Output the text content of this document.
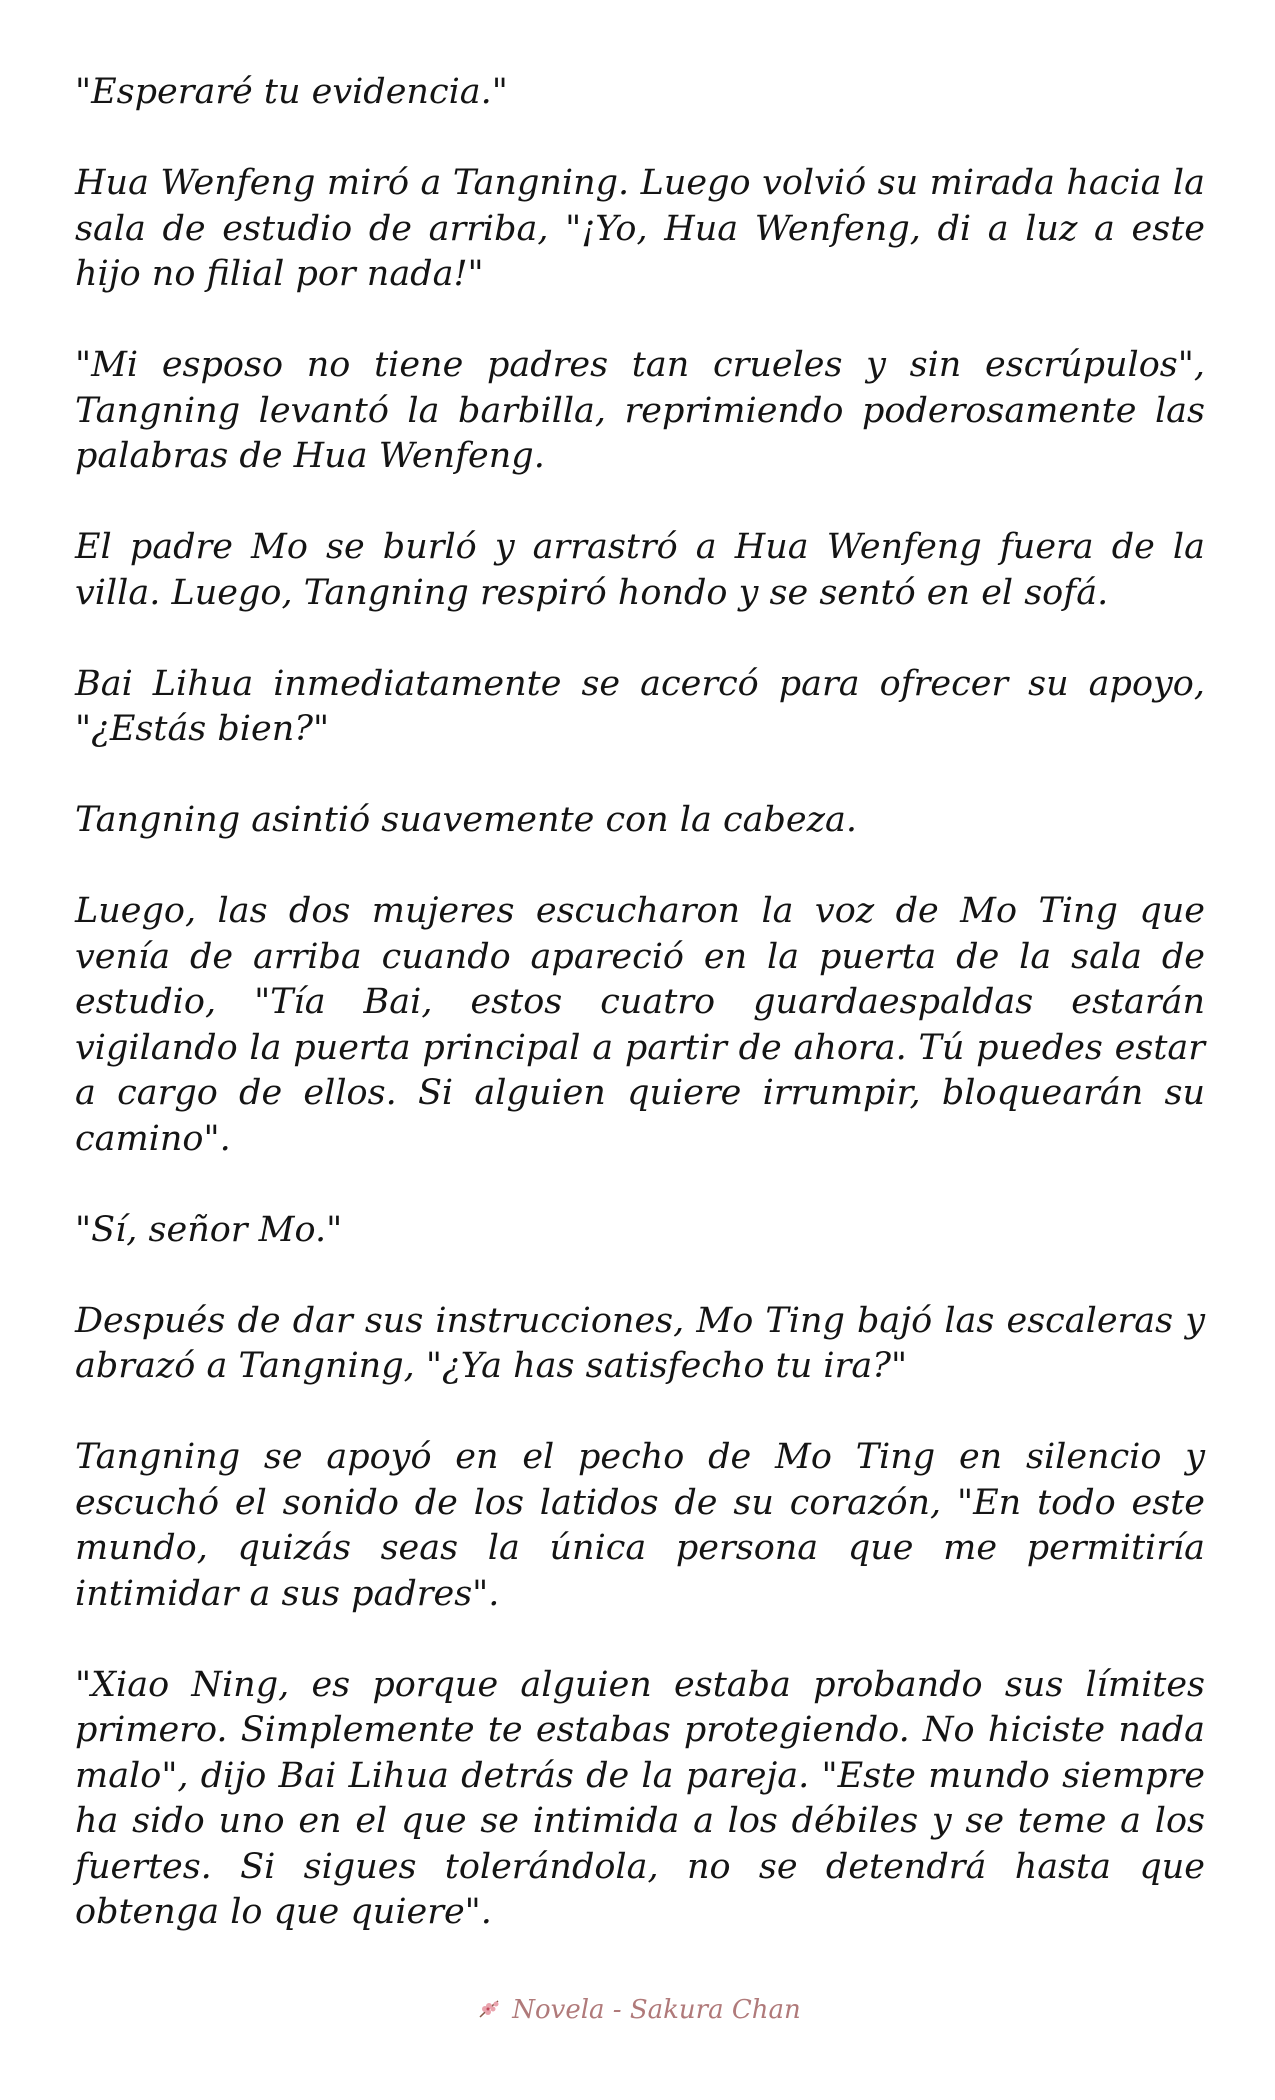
"Esperaré tu evidencia."

Hua Wenfeng miró a Tangning. Luego volvió su mirada hacia la sala de estudio de arriba, "¡Yo, Hua Wenfeng, di a luz a este hijo no filial por nada!"

"Mi esposo no tiene padres tan crueles y sin escrúpulos", Tangning levantó la barbilla, reprimiendo poderosamente las palabras de Hua Wenfeng.

El padre Mo se burló y arrastró a Hua Wenfeng fuera de la villa. Luego, Tangning respiró hondo y se sentó en el sofá.

Bai Lihua inmediatamente se acercó para ofrecer su apoyo, "¿Estás bien?"

Tangning asintió suavemente con la cabeza.

Luego, las dos mujeres escucharon la voz de Mo Ting que venía de arriba cuando apareció en la puerta de la sala de estudio, "Tía Bai, estos cuatro guardaespaldas estarán vigilando la puerta principal a partir de ahora. Tú puedes estar a cargo de ellos. Si alguien quiere irrumpir, bloquearán su camino".

"Sí, señor Mo."

Después de dar sus instrucciones, Mo Ting bajó las escaleras y abrazó a Tangning, "¿Ya has satisfecho tu ira?"

Tangning se apoyó en el pecho de Mo Ting en silencio y escuchó el sonido de los latidos de su corazón, "En todo este mundo, quizás seas la única persona que me permitiría intimidar a sus padres".

"Xiao Ning, es porque alguien estaba probando sus límites primero. Simplemente te estabas protegiendo. No hiciste nada malo", dijo Bai Lihua detrás de la pareja. "Este mundo siempre ha sido uno en el que se intimida a los débiles y se teme a los fuertes. Si sigues tolerándola, no se detendrá hasta que obtenga lo que quiere".

Novela - Sakura Chan
